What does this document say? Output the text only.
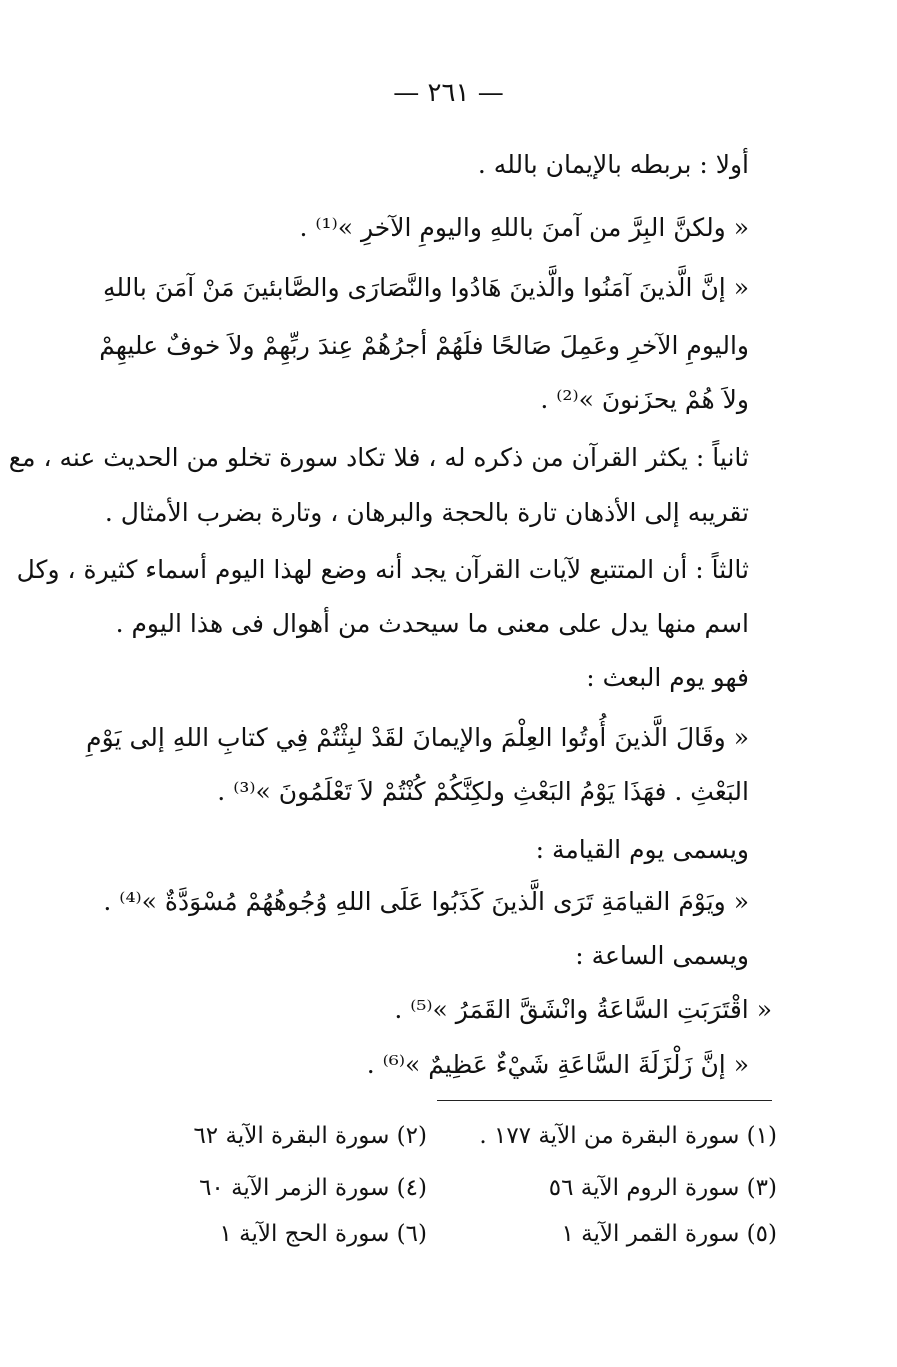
— ٢٦١ —
أولا : بربطه بالإيمان بالله .
« ولكنَّ البِرَّ من آمنَ باللهِ واليومِ الآخرِ »⁽¹⁾ .
« إنَّ الَّذينَ آمَنُوا والَّذينَ هَادُوا والنَّصَارَى والصَّابئينَ مَنْ آمَنَ باللهِ
واليومِ الآخرِ وعَمِلَ صَالحًا فلَهُمْ أجرُهُمْ عِندَ ربِّهِمْ ولاَ خوفٌ عليهِمْ
ولاَ هُمْ يحزَنونَ »⁽²⁾ .
ثانياً : يكثر القرآن من ذكره له ، فلا تكاد سورة تخلو من الحديث عنه ، مع
تقريبه إلى الأذهان تارة بالحجة والبرهان ، وتارة بضرب الأمثال .
ثالثاً : أن المتتبع لآيات القرآن يجد أنه وضع لهذا اليوم أسماء كثيرة ، وكل
اسم منها يدل على معنى ما سيحدث من أهوال فى هذا اليوم .
فهو يوم البعث :
« وقَالَ الَّذينَ أُوتُوا العِلْمَ والإيمانَ لقَدْ لبِثْتُمْ فِي كتابِ اللهِ إلى يَوْمِ
البَعْثِ . فهَذَا يَوْمُ البَعْثِ ولكِنَّكُمْ كُنْتُمْ لاَ تَعْلَمُونَ »⁽³⁾ .
ويسمى يوم القيامة :
« ويَوْمَ القيامَةِ تَرَى الَّذينَ كَذَبُوا عَلَى اللهِ وُجُوهُهُمْ مُسْوَدَّةٌ »⁽⁴⁾ .
ويسمى الساعة :
« اقْتَرَبَتِ السَّاعَةُ وانْشَقَّ القَمَرُ »⁽⁵⁾ .
« إنَّ زَلْزَلَةَ السَّاعَةِ شَيْءٌ عَظِيمٌ »⁽⁶⁾ .
(١) سورة البقرة من الآية ١٧٧ .
(٢) سورة البقرة الآية ٦٢
(٣) سورة الروم الآية ٥٦
(٤) سورة الزمر الآية ٦٠
(٥) سورة القمر الآية ١
(٦) سورة الحج الآية ١
